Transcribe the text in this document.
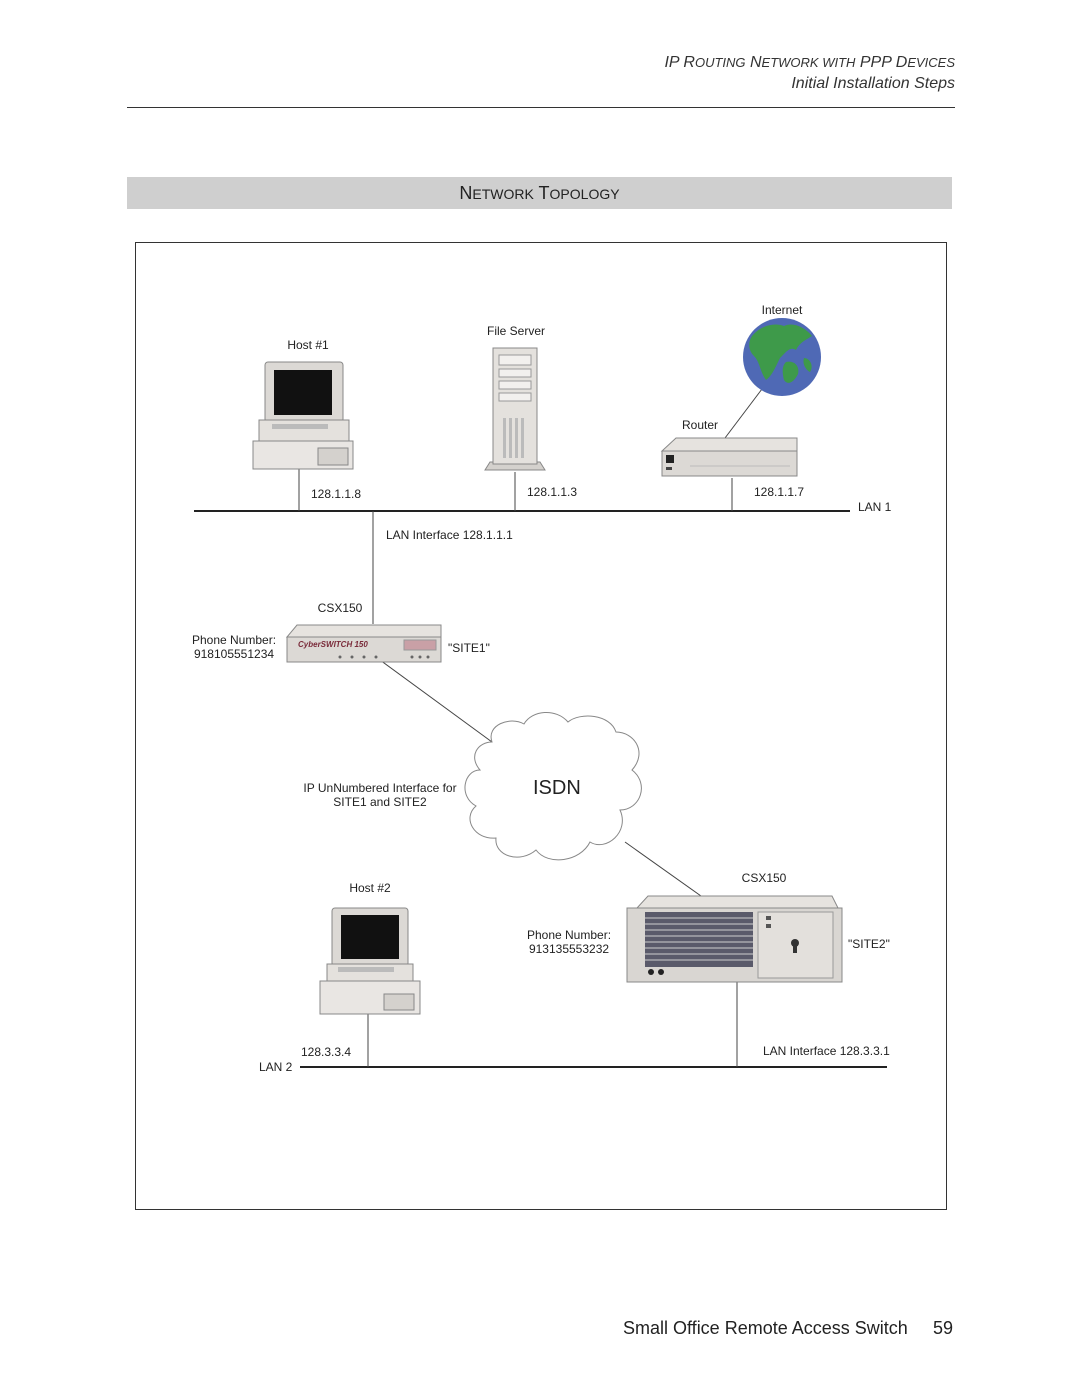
IP ROUTING NETWORK WITH PPP DEVICES
Initial Installation Steps
NETWORK TOPOLOGY
Internet
File Server
Host #1
Router
128.1.1.8	128.1.1.3	128.1.1.7
LAN 1
LAN Interface 128.1.1.1
CSX150
Phone Number:
918105551234
CyberSWITCH 150	"SITE1"
IP UnNumbered Interface for
SITE1 and SITE2
ISDN
CSX150
Host #2
Phone Number:
913135553232	"SITE2"
128.3.3.4	LAN Interface 128.3.3.1
LAN 2
Small Office Remote Access Switch 59
